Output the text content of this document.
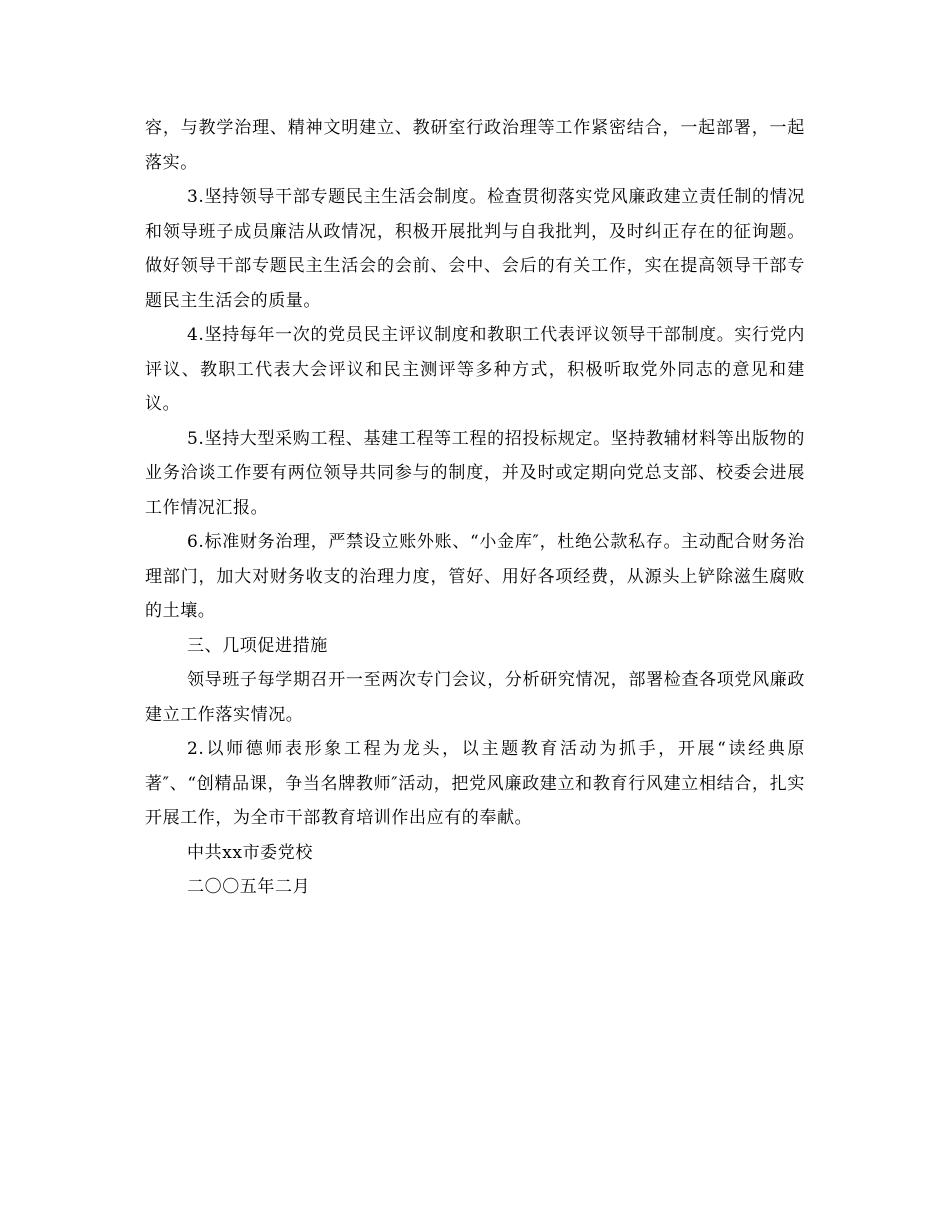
容，与教学治理、精神文明建立、教研室行政治理等工作紧密结合，一起部署，一起落实。

3.坚持领导干部专题民主生活会制度。检查贯彻落实党风廉政建立责任制的情况和领导班子成员廉洁从政情况，积极开展批判与自我批判，及时纠正存在的征询题。做好领导干部专题民主生活会的会前、会中、会后的有关工作，实在提高领导干部专题民主生活会的质量。

4.坚持每年一次的党员民主评议制度和教职工代表评议领导干部制度。实行党内评议、教职工代表大会评议和民主测评等多种方式，积极听取党外同志的意见和建议。

5.坚持大型采购工程、基建工程等工程的招投标规定。坚持教辅材料等出版物的业务洽谈工作要有两位领导共同参与的制度，并及时或定期向党总支部、校委会进展工作情况汇报。

6.标准财务治理，严禁设立账外账、“小金库″，杜绝公款私存。主动配合财务治理部门，加大对财务收支的治理力度，管好、用好各项经费，从源头上铲除滋生腐败的土壤。

三、几项促进措施

领导班子每学期召开一至两次专门会议，分析研究情况，部署检查各项党风廉政建立工作落实情况。

2.以师德师表形象工程为龙头，以主题教育活动为抓手，开展“读经典原著″、“创精品课，争当名牌教师″活动，把党风廉政建立和教育行风建立相结合，扎实开展工作，为全市干部教育培训作出应有的奉献。

中共xx市委党校

二〇〇五年二月
